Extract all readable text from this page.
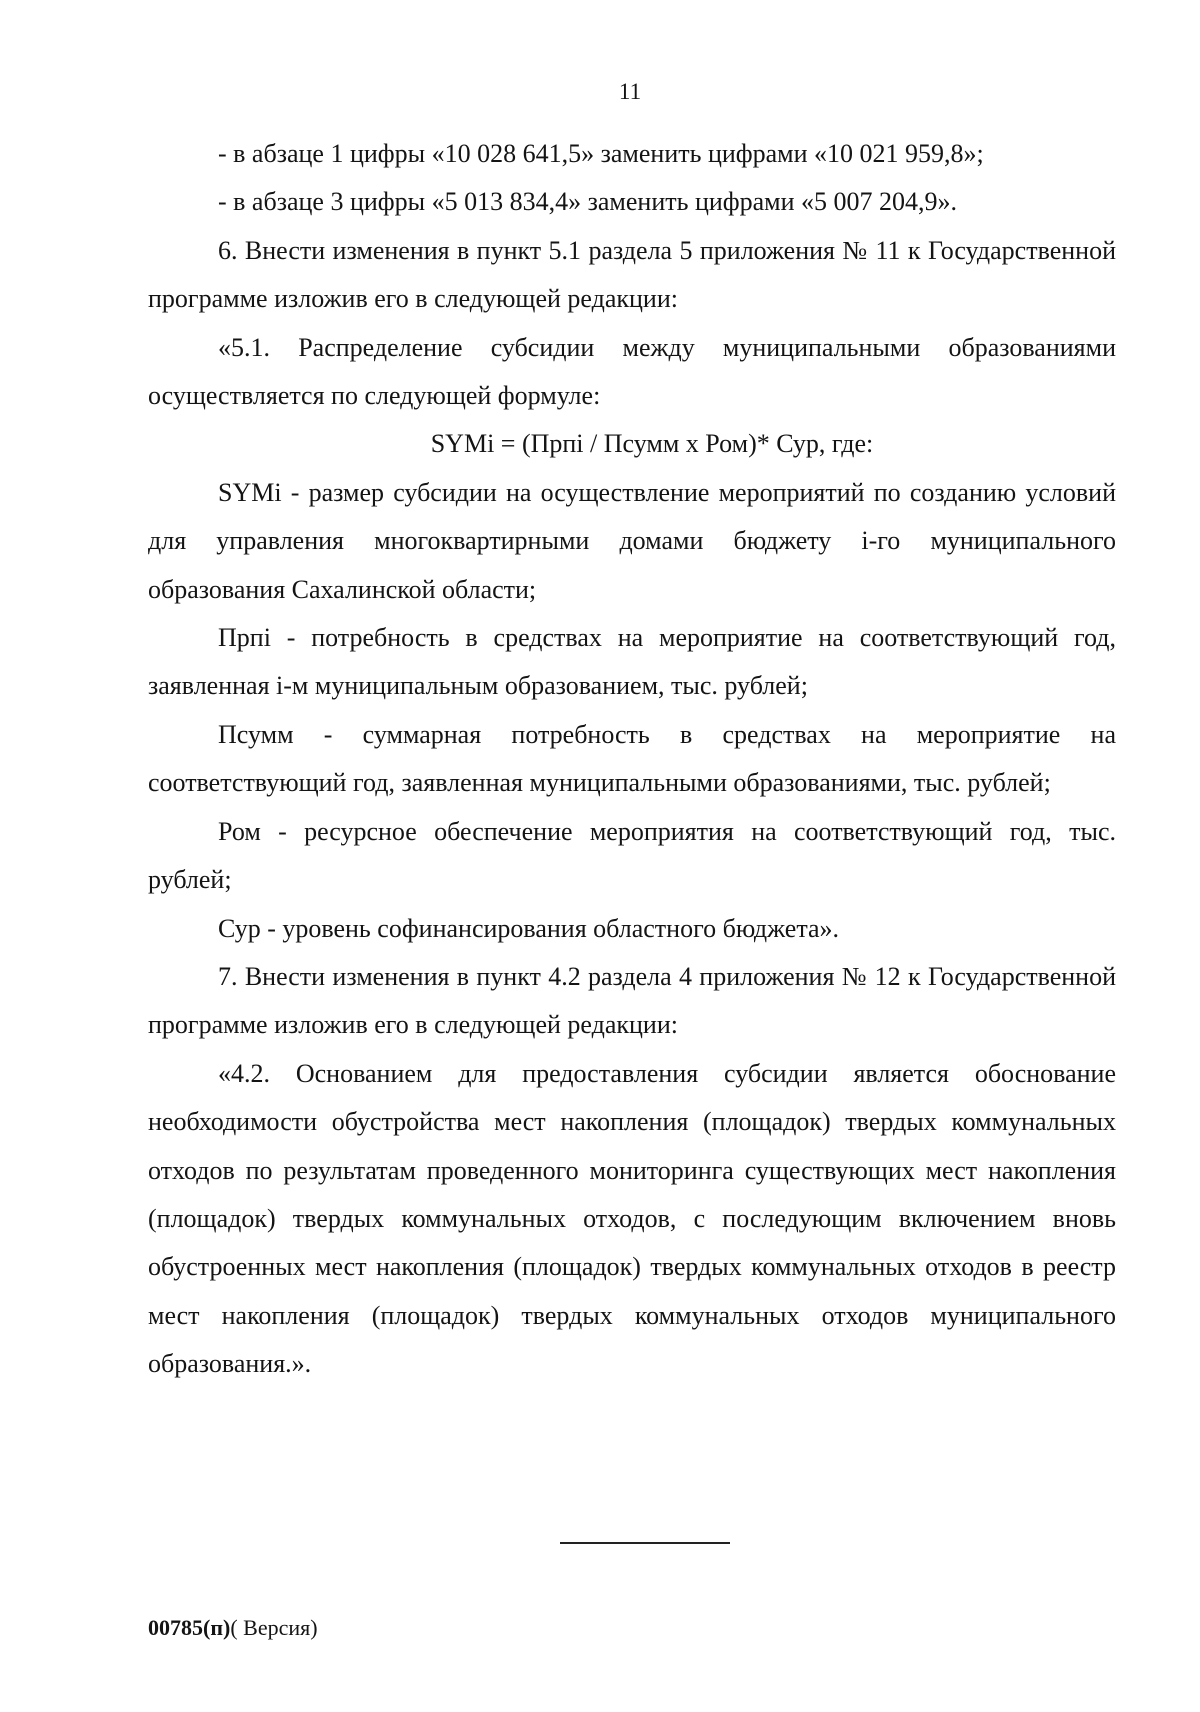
11

- в абзаце 1 цифры «10 028 641,5» заменить цифрами «10 021 959,8»;

- в абзаце 3 цифры «5 013 834,4» заменить цифрами «5 007 204,9».

6. Внести изменения в пункт 5.1 раздела 5 приложения № 11 к Государственной программе изложив его в следующей редакции:

«5.1. Распределение субсидии между муниципальными образованиями осуществляется по следующей формуле:

SYMi = (Прпi / Псумм х Ром)* Сур, где:

SYMi - размер субсидии на осуществление мероприятий по созданию условий для управления многоквартирными домами бюджету i-го муниципального образования Сахалинской области;

Прпi - потребность в средствах на мероприятие на соответствующий год, заявленная i-м муниципальным образованием, тыс. рублей;

Псумм - суммарная потребность в средствах на мероприятие на соответствующий год, заявленная муниципальными образованиями, тыс. рублей;

Ром - ресурсное обеспечение мероприятия на соответствующий год, тыс. рублей;

Сур - уровень софинансирования областного бюджета».

7. Внести изменения в пункт 4.2 раздела 4 приложения № 12 к Государственной программе изложив его в следующей редакции:

«4.2. Основанием для предоставления субсидии является обоснование необходимости обустройства мест накопления (площадок) твердых коммунальных отходов по результатам проведенного мониторинга существующих мест накопления (площадок) твердых коммунальных отходов, с последующим включением вновь обустроенных мест накопления (площадок) твердых коммунальных отходов в реестр мест накопления (площадок) твердых коммунальных отходов муниципального образования.».

00785(п)( Версия)
